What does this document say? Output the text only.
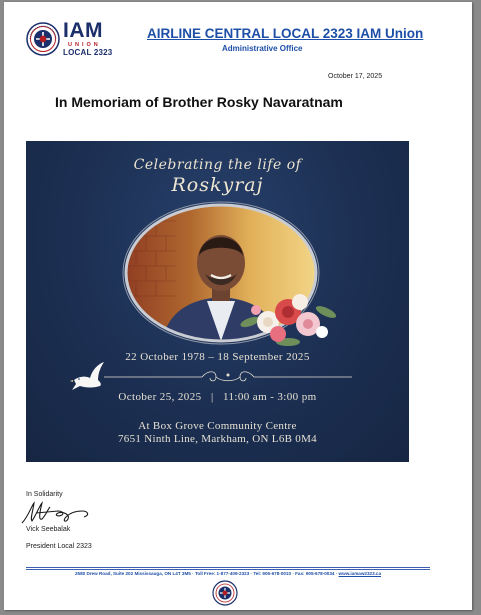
IAM
UNION
LOCAL 2323
AIRLINE CENTRAL LOCAL 2323 IAM Union
Administrative Office
October 17, 2025
In Memoriam of Brother Rosky Navaratnam
Celebrating the life of
Roskyraj
22 October 1978 – 18 September 2025
October 25, 2025   |   11:00 am - 3:00 pm
At Box Grove Community Centre
7651 Ninth Line, Markham, ON L6B 0M4
In Solidarity
Vick Seebalak
President Local 2323
2580 Drew Road, Suite 202 Mississauga, ON L4T 3M5 · Toll Free: 1-877-409-2323 · Tel: 905-678-0010 · Fax: 905-678-0034 · www.iamaw2323.ca
